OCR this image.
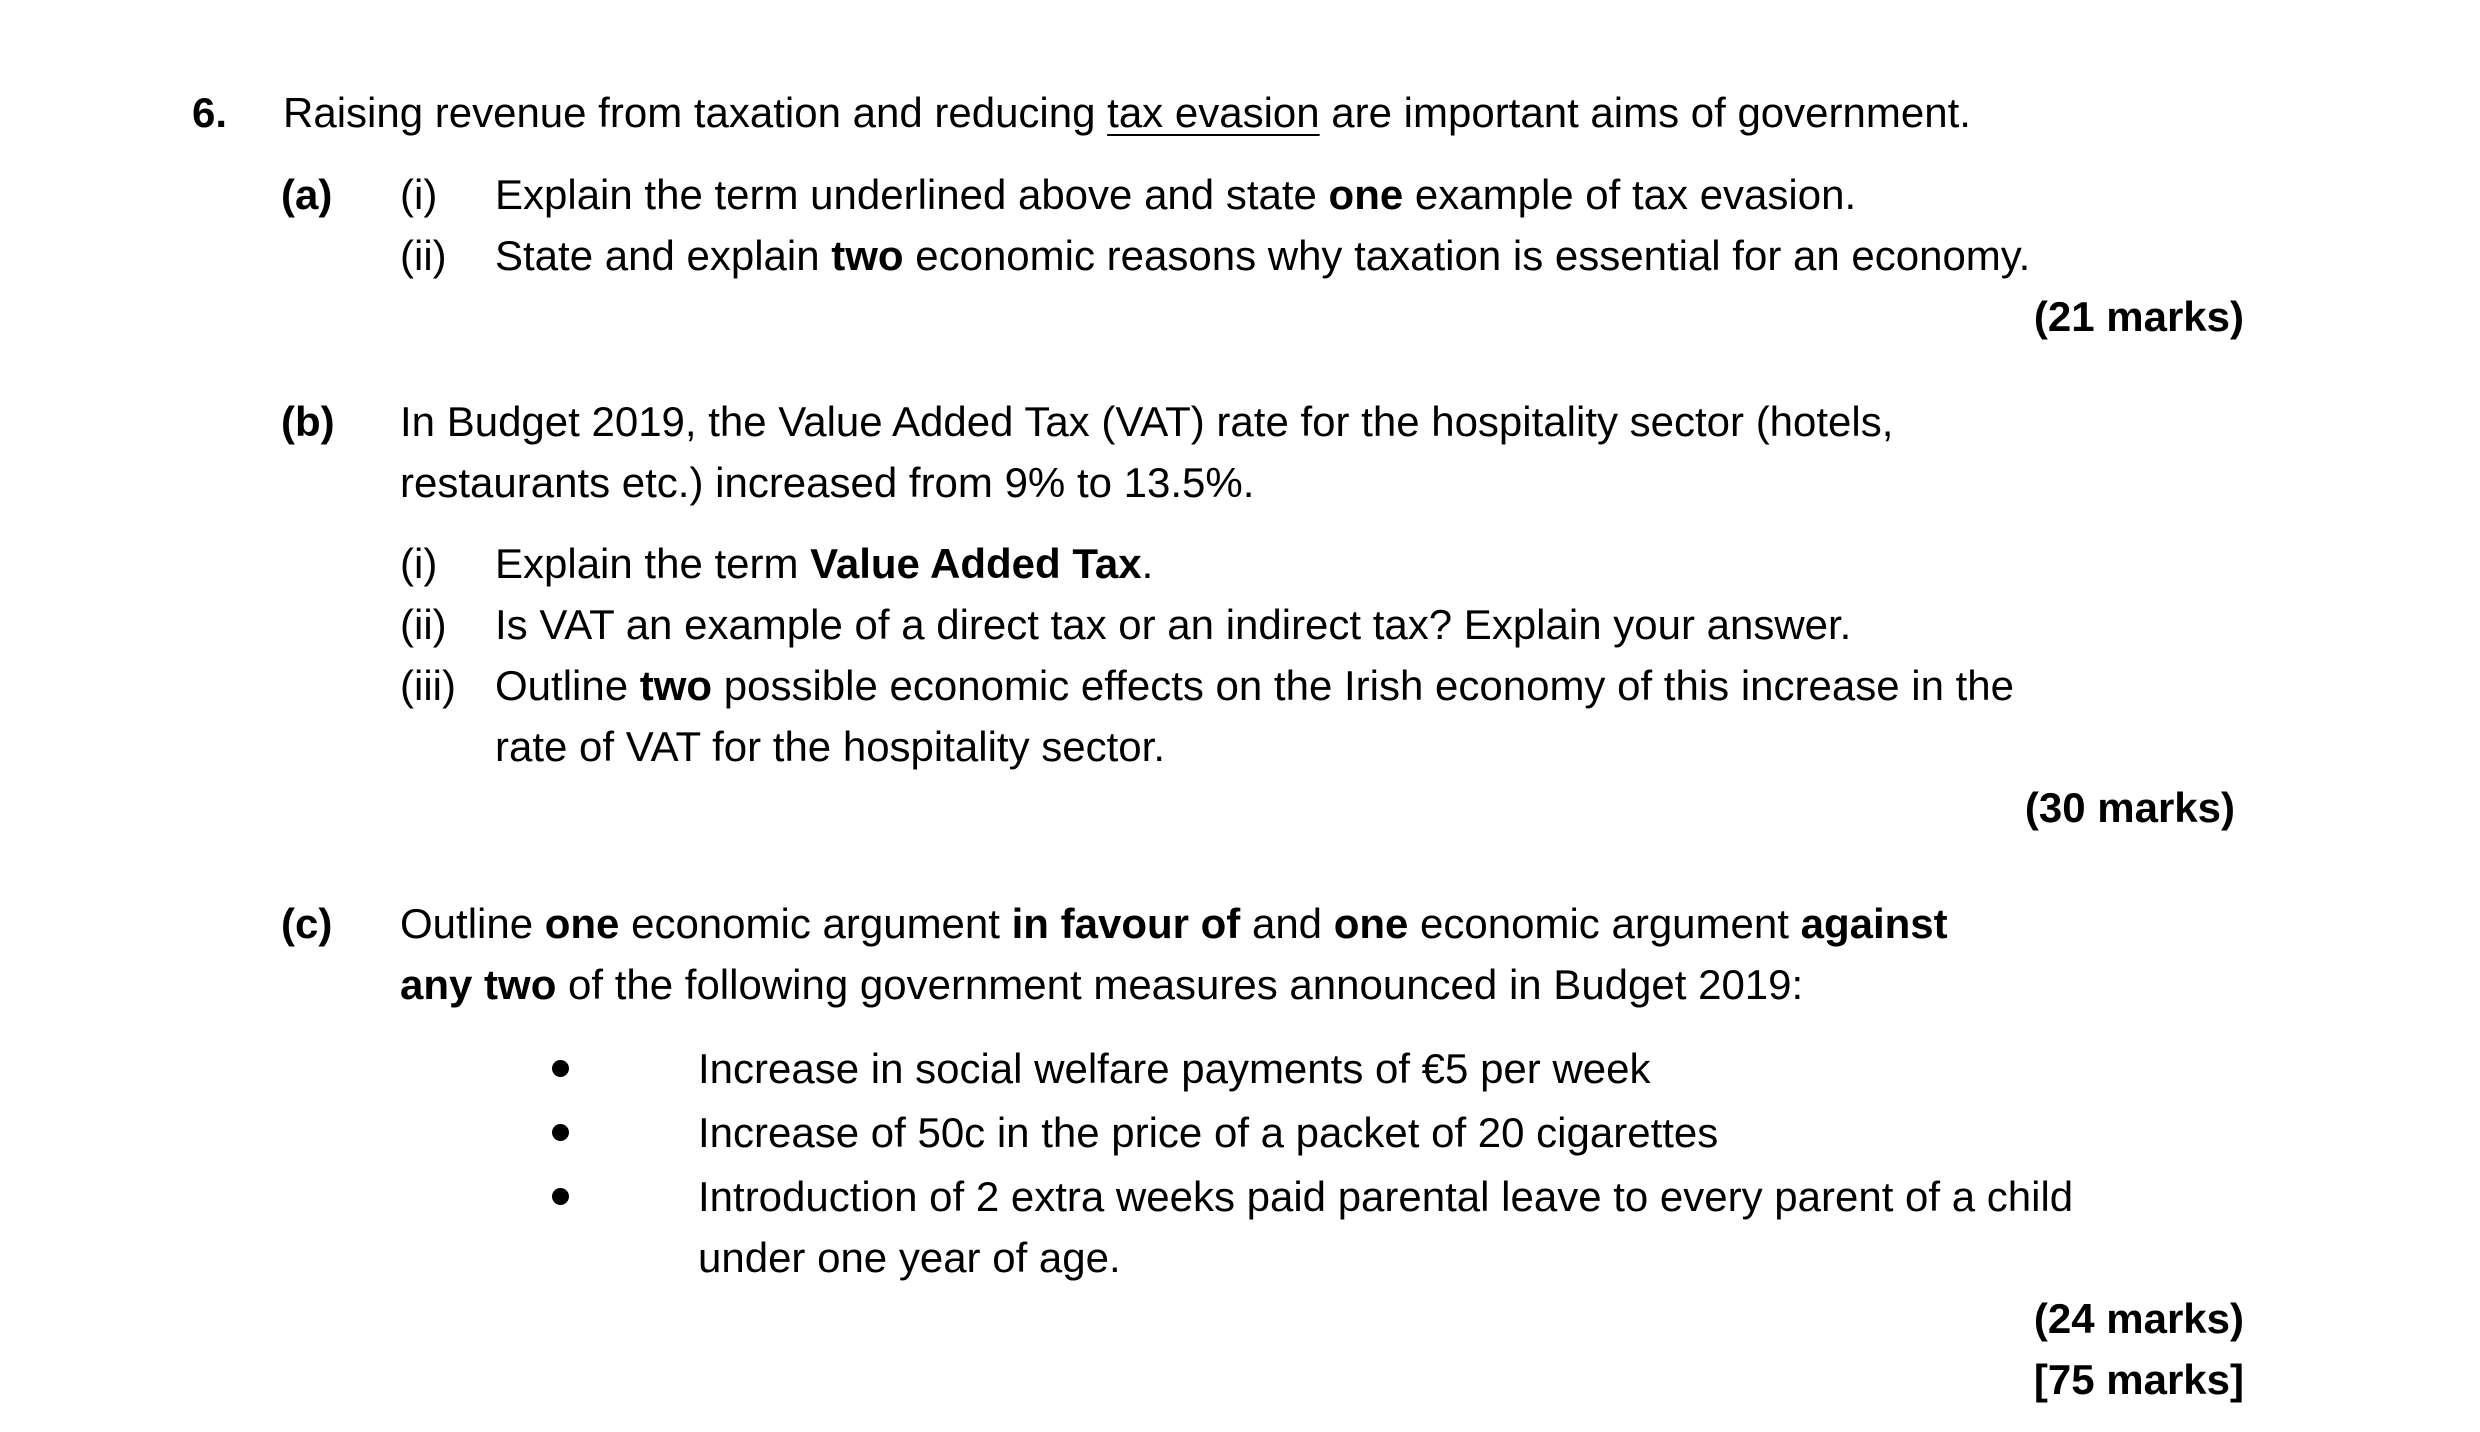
6. Raising revenue from taxation and reducing tax evasion are important aims of government.
(a) (i) Explain the term underlined above and state one example of tax evasion.
(ii) State and explain two economic reasons why taxation is essential for an economy.
(21 marks)
(b) In Budget 2019, the Value Added Tax (VAT) rate for the hospitality sector (hotels,
restaurants etc.) increased from 9% to 13.5%.
(i) Explain the term Value Added Tax.
(ii) Is VAT an example of a direct tax or an indirect tax? Explain your answer.
(iii) Outline two possible economic effects on the Irish economy of this increase in the
rate of VAT for the hospitality sector.
(30 marks)
(c) Outline one economic argument in favour of and one economic argument against
any two of the following government measures announced in Budget 2019:
Increase in social welfare payments of €5 per week
Increase of 50c in the price of a packet of 20 cigarettes
Introduction of 2 extra weeks paid parental leave to every parent of a child
under one year of age.
(24 marks)
[75 marks]
